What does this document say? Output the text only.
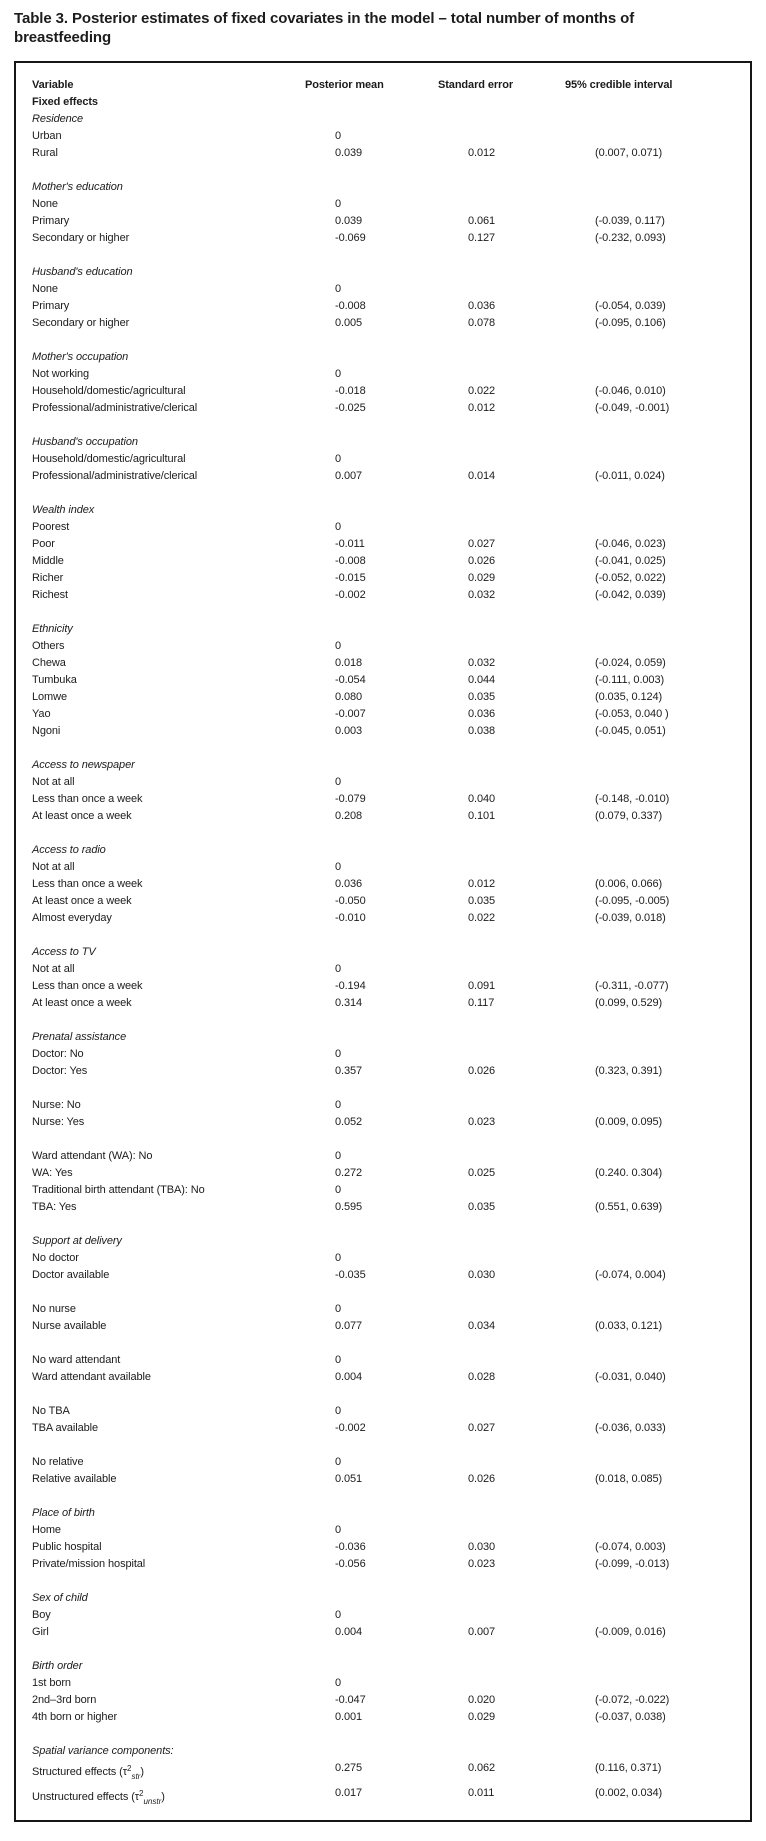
Table 3. Posterior estimates of fixed covariates in the model – total number of months of breastfeeding
Variable	Posterior mean	Standard error	95% credible interval
Fixed effects
Residence
Urban	0
Rural	0.039	0.012	(0.007, 0.071)
Mother's education
None	0
Primary	0.039	0.061	(-0.039, 0.117)
Secondary or higher	-0.069	0.127	(-0.232, 0.093)
Husband's education
None	0
Primary	-0.008	0.036	(-0.054, 0.039)
Secondary or higher	0.005	0.078	(-0.095, 0.106)
Mother's occupation
Not working	0
Household/domestic/agricultural	-0.018	0.022	(-0.046, 0.010)
Professional/administrative/clerical	-0.025	0.012	(-0.049, -0.001)
Husband's occupation
Household/domestic/agricultural	0
Professional/administrative/clerical	0.007	0.014	(-0.011, 0.024)
Wealth index
Poorest	0
Poor	-0.011	0.027	(-0.046, 0.023)
Middle	-0.008	0.026	(-0.041, 0.025)
Richer	-0.015	0.029	(-0.052, 0.022)
Richest	-0.002	0.032	(-0.042, 0.039)
Ethnicity
Others	0
Chewa	0.018	0.032	(-0.024, 0.059)
Tumbuka	-0.054	0.044	(-0.111, 0.003)
Lomwe	0.080	0.035	(0.035, 0.124)
Yao	-0.007	0.036	(-0.053, 0.040 )
Ngoni	0.003	0.038	(-0.045, 0.051)
Access to newspaper
Not at all	0
Less than once a week	-0.079	0.040	(-0.148, -0.010)
At least once a week	0.208	0.101	(0.079, 0.337)
Access to radio
Not at all	0
Less than once a week	0.036	0.012	(0.006, 0.066)
At least once a week	-0.050	0.035	(-0.095, -0.005)
Almost everyday	-0.010	0.022	(-0.039, 0.018)
Access to TV
Not at all	0
Less than once a week	-0.194	0.091	(-0.311, -0.077)
At least once a week	0.314	0.117	(0.099, 0.529)
Prenatal assistance
Doctor: No	0
Doctor: Yes	0.357	0.026	(0.323, 0.391)
Nurse: No	0
Nurse: Yes	0.052	0.023	(0.009, 0.095)
Ward attendant (WA): No	0
WA: Yes	0.272	0.025	(0.240. 0.304)
Traditional birth attendant (TBA): No	0
TBA: Yes	0.595	0.035	(0.551, 0.639)
Support at delivery
No doctor	0
Doctor available	-0.035	0.030	(-0.074, 0.004)
No nurse	0
Nurse available	0.077	0.034	(0.033, 0.121)
No ward attendant	0
Ward attendant available	0.004	0.028	(-0.031, 0.040)
No TBA	0
TBA available	-0.002	0.027	(-0.036, 0.033)
No relative	0
Relative available	0.051	0.026	(0.018, 0.085)
Place of birth
Home	0
Public hospital	-0.036	0.030	(-0.074, 0.003)
Private/mission hospital	-0.056	0.023	(-0.099, -0.013)
Sex of child
Boy	0
Girl	0.004	0.007	(-0.009, 0.016)
Birth order
1st born	0
2nd–3rd born	-0.047	0.020	(-0.072, -0.022)
4th born or higher	0.001	0.029	(-0.037, 0.038)
Spatial variance components:
Structured effects $(\tau^2_{str})$	0.275	0.062	(0.116, 0.371)
Unstructured effects $(\tau^2_{unstr})$	0.017	0.011	(0.002, 0.034)
